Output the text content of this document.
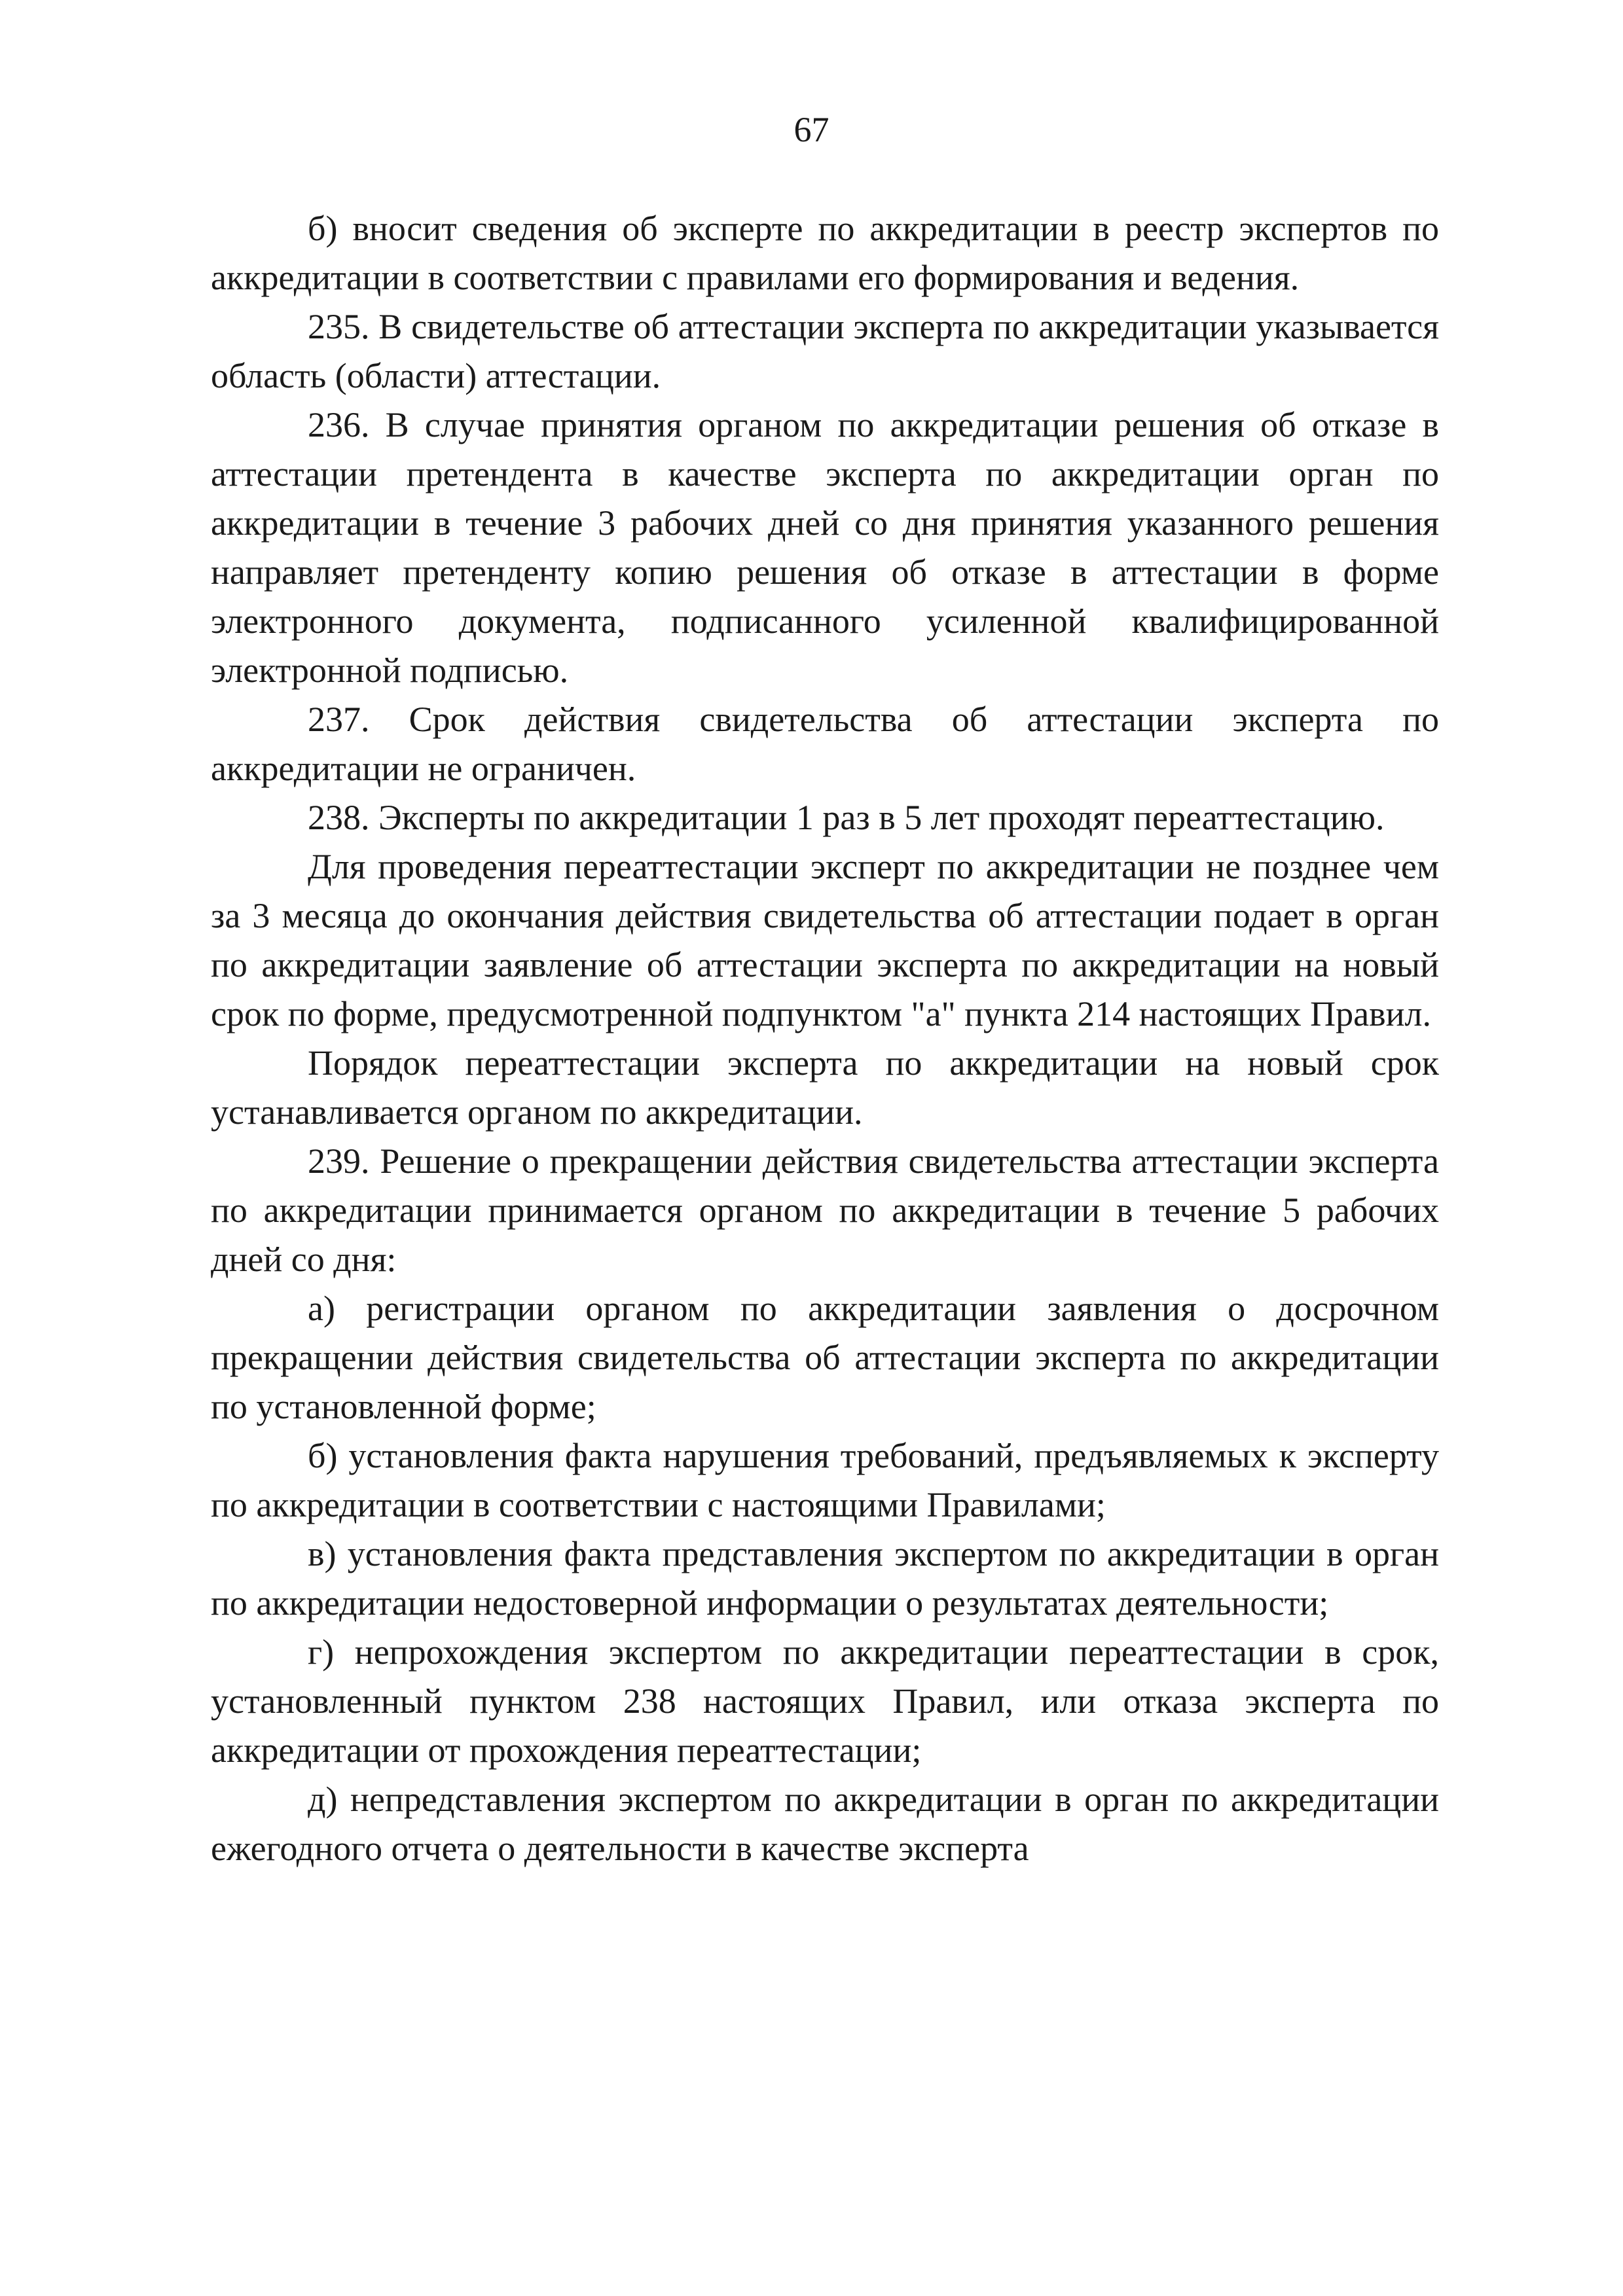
67

б) вносит сведения об эксперте по аккредитации в реестр экспертов по аккредитации в соответствии с правилами его формирования и ведения.

235. В свидетельстве об аттестации эксперта по аккредитации указывается область (области) аттестации.

236. В случае принятия органом по аккредитации решения об отказе в аттестации претендента в качестве эксперта по аккредитации орган по аккредитации в течение 3 рабочих дней со дня принятия указанного решения направляет претенденту копию решения об отказе в аттестации в форме электронного документа, подписанного усиленной квалифицированной электронной подписью.

237. Срок действия свидетельства об аттестации эксперта по аккредитации не ограничен.

238. Эксперты по аккредитации 1 раз в 5 лет проходят переаттестацию.

Для проведения переаттестации эксперт по аккредитации не позднее чем за 3 месяца до окончания действия свидетельства об аттестации подает в орган по аккредитации заявление об аттестации эксперта по аккредитации на новый срок по форме, предусмотренной подпунктом "а" пункта 214 настоящих Правил.

Порядок переаттестации эксперта по аккредитации на новый срок устанавливается органом по аккредитации.

239. Решение о прекращении действия свидетельства аттестации эксперта по аккредитации принимается органом по аккредитации в течение 5 рабочих дней со дня:

а) регистрации органом по аккредитации заявления о досрочном прекращении действия свидетельства об аттестации эксперта по аккредитации по установленной форме;

б) установления факта нарушения требований, предъявляемых к эксперту по аккредитации в соответствии с настоящими Правилами;

в) установления факта представления экспертом по аккредитации в орган по аккредитации недостоверной информации о результатах деятельности;

г) непрохождения экспертом по аккредитации переаттестации в срок, установленный пунктом 238 настоящих Правил, или отказа эксперта по аккредитации от прохождения переаттестации;

д) непредставления экспертом по аккредитации в орган по аккредитации ежегодного отчета о деятельности в качестве эксперта
